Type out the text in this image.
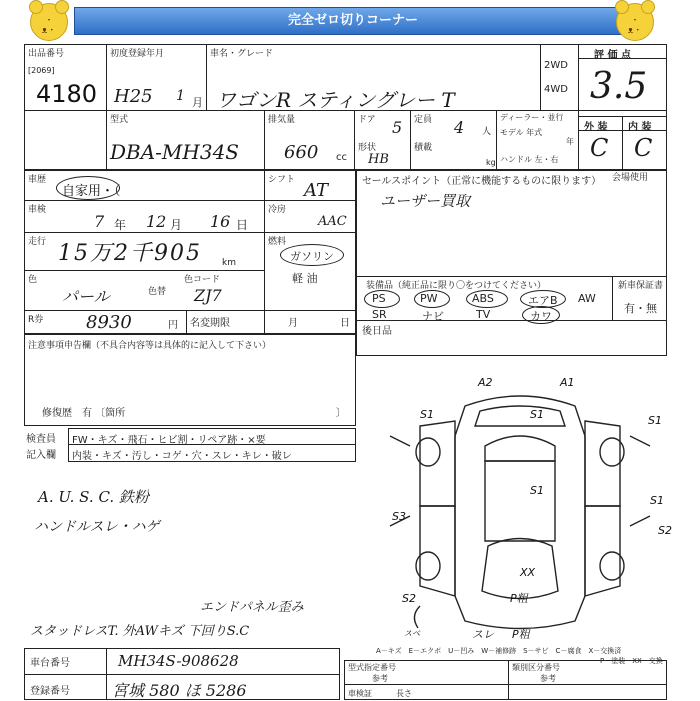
・ᴥ・
完全ゼロ切りコーナー	・ᴥ・
出品番号
[2069]
4180
初度登録年月	車名・グレード
H25 1 月 ワゴンR スティングレー T
2WD
4WD
評 価 点
3.5
外 装 内 装
C C
型式
DBA-MH34S
排気量
660 cc
ドア 5 定員 4 人
形状
HB
積載
kg
ディーラー・並行
モデル 年式
年
ハンドル 左・右
車歴
自家用・（
車検
7 年 12 月 16 日
走行 15万2千905 km
色
パール	色替
色コード
ZJ7
シフト AT
冷房
AAC
燃料
ガソリン
軽 油
R券 8930	円 名変期限	月	日
注意事項申告欄（不具合内容等は具体的に記入して下さい）
修復歴　有 〔箇所	〕
セールスポイント（正常に機能するものに限ります）
ユーザー買取
会場使用
装備品（純正品に限り〇をつけてください）	新車保証書
有・無
PS	PW	ABS	エアB AW
SR	ナビ	TV	カワ
後日品
検査員
記入欄
FW・キズ・飛石・ヒビ割・リペア跡・×要
内装・キズ・汚し・コゲ・穴・スレ・キレ・破レ
A. U. S. C. 鉄粉
ハンドルスレ・ハゲ
エンドパネル歪み
スタッドレスT. 外AWキズ 下回りS.C
A2	A1
S1	S1	S1
S1
S1
S3
S2
S2
XX
P粗
P粗
スレ
スベ
A－キズ　E－エクボ　U－凹み　W－補修跡　S－サビ　C－腐食　X－交換済
P－塗装　XX－交換
車台番号	MH34S-908628
登録番号	宮城 580 ほ 5286
型式指定番号
参考
類別区分番号
参考
車検証	長さ
